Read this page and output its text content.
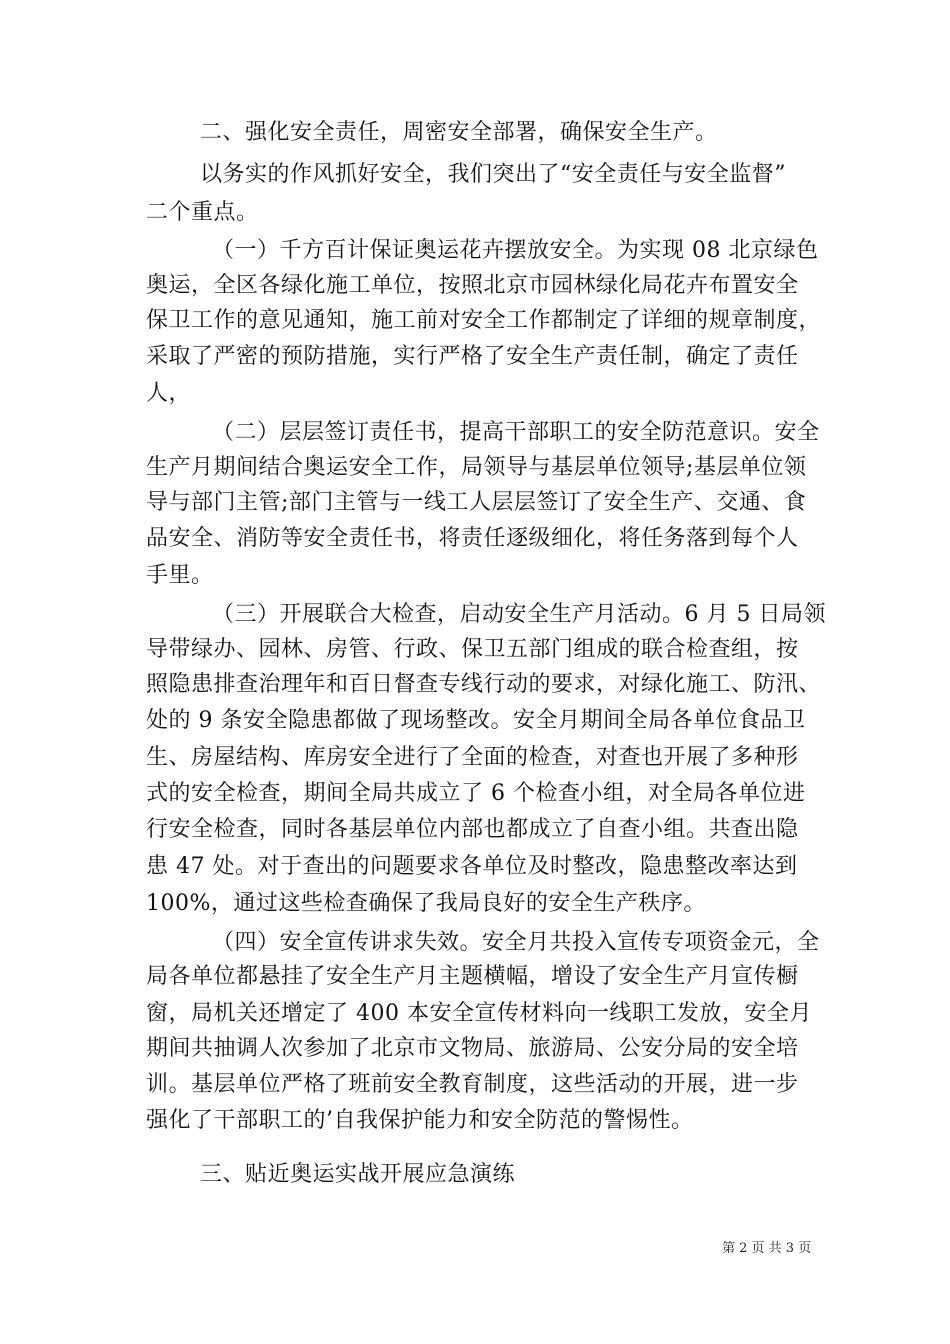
二、强化安全责任，周密安全部署，确保安全生产。
以务实的作风抓好安全，我们突出了“安全责任与安全监督”
二个重点。
（一）千方百计保证奥运花卉摆放安全。为实现 08 北京绿色
奥运，全区各绿化施工单位，按照北京市园林绿化局花卉布置安全
保卫工作的意见通知，施工前对安全工作都制定了详细的规章制度，
采取了严密的预防措施，实行严格了安全生产责任制，确定了责任
人，
（二）层层签订责任书，提高干部职工的安全防范意识。安全
生产月期间结合奥运安全工作，局领导与基层单位领导;基层单位领
导与部门主管;部门主管与一线工人层层签订了安全生产、交通、食
品安全、消防等安全责任书，将责任逐级细化，将任务落到每个人
手里。
（三）开展联合大检查，启动安全生产月活动。6 月 5 日局领
导带绿办、园林、房管、行政、保卫五部门组成的联合检查组，按
照隐患排查治理年和百日督查专线行动的要求，对绿化施工、防汛、
处的 9 条安全隐患都做了现场整改。安全月期间全局各单位食品卫
生、房屋结构、库房安全进行了全面的检查，对查也开展了多种形
式的安全检查，期间全局共成立了 6 个检查小组，对全局各单位进
行安全检查，同时各基层单位内部也都成立了自查小组。共查出隐
患 47 处。对于查出的问题要求各单位及时整改，隐患整改率达到
100%，通过这些检查确保了我局良好的安全生产秩序。
（四）安全宣传讲求失效。安全月共投入宣传专项资金元，全
局各单位都悬挂了安全生产月主题横幅，增设了安全生产月宣传橱
窗，局机关还增定了 400 本安全宣传材料向一线职工发放，安全月
期间共抽调人次参加了北京市文物局、旅游局、公安分局的安全培
训。基层单位严格了班前安全教育制度，这些活动的开展，进一步
强化了干部职工的’自我保护能力和安全防范的警惕性。
三、贴近奥运实战开展应急演练
第 2 页 共 3 页
